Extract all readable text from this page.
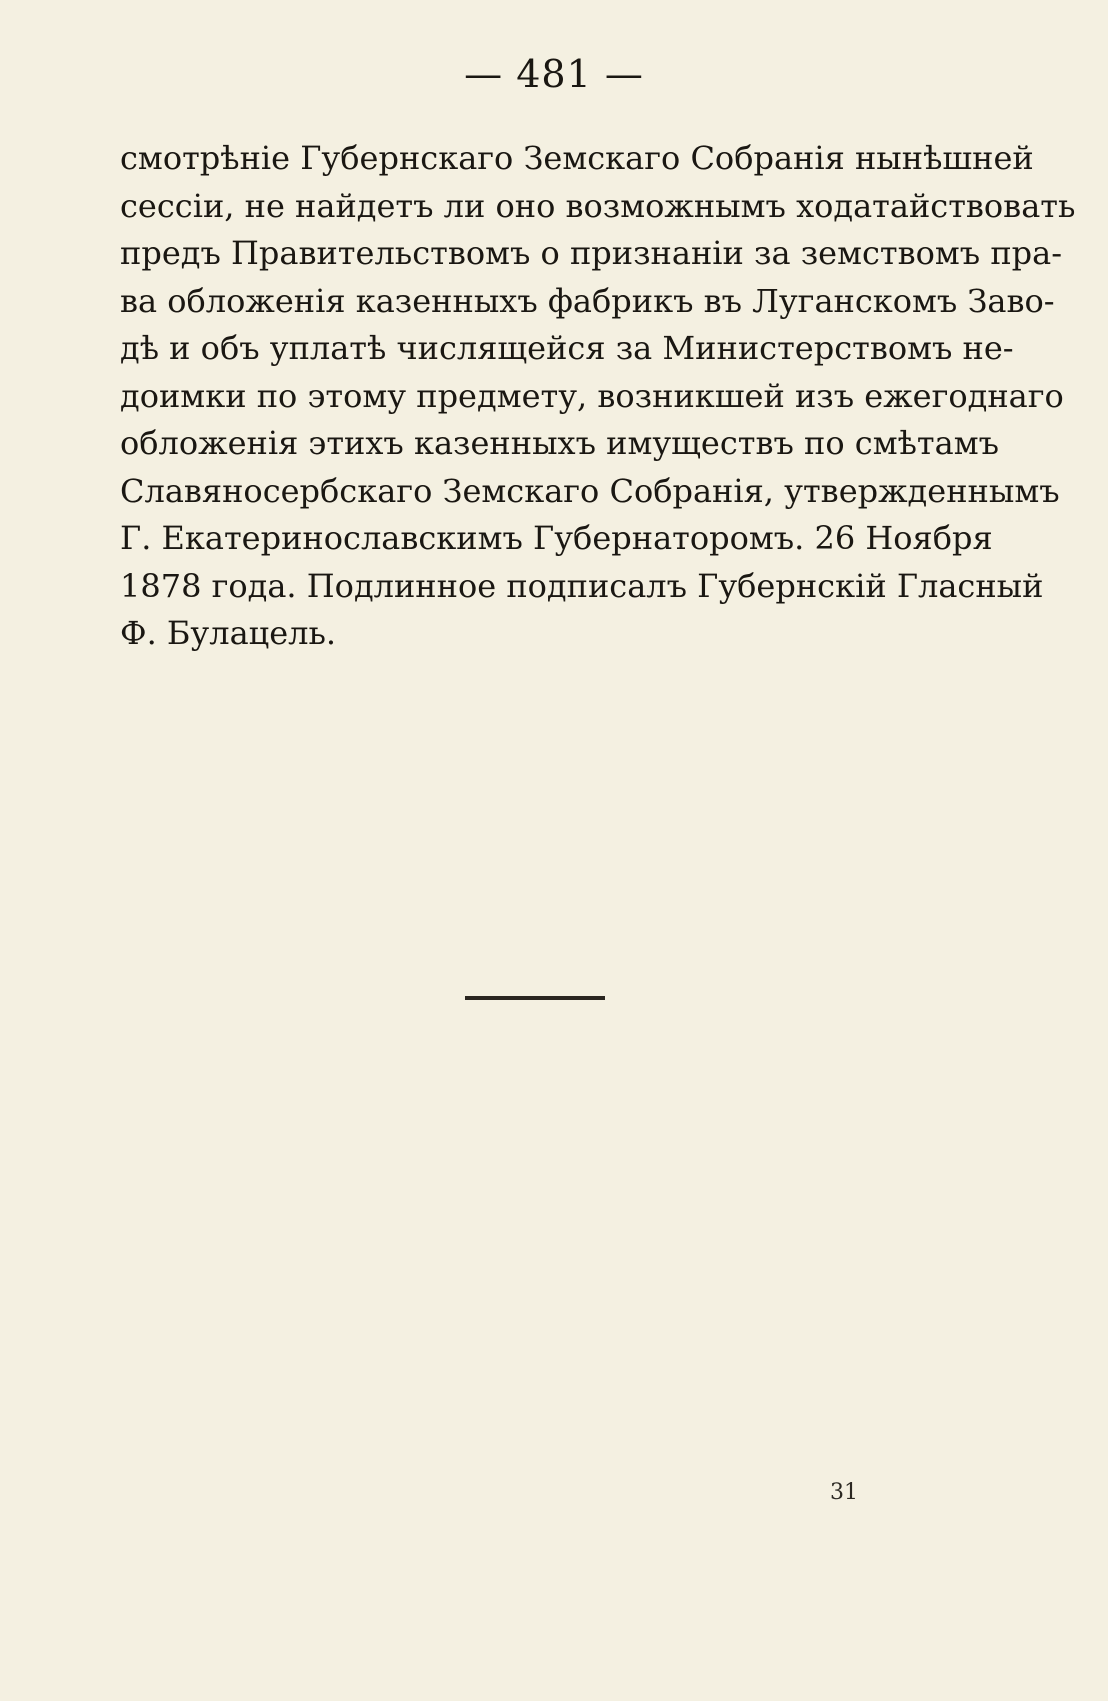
— 481 —

смотрѣніе Губернскаго Земскаго Собранія нынѣшней
сессіи, не найдетъ ли оно возможнымъ ходатайствовать
предъ Правительствомъ о признаніи за земствомъ пра-
ва обложенія казенныхъ фабрикъ въ Луганскомъ Заво-
дѣ и объ уплатѣ числящейся за Министерствомъ не-
доимки по этому предмету, возникшей изъ ежегоднаго
обложенія этихъ казенныхъ имуществъ по смѣтамъ
Славяносербскаго Земскаго Собранія, утвержденнымъ
Г. Екатеринославскимъ Губернаторомъ. 26 Ноября
1878 года. Подлинное подписалъ Губернскій Гласный
Ф. Булацель.
31
